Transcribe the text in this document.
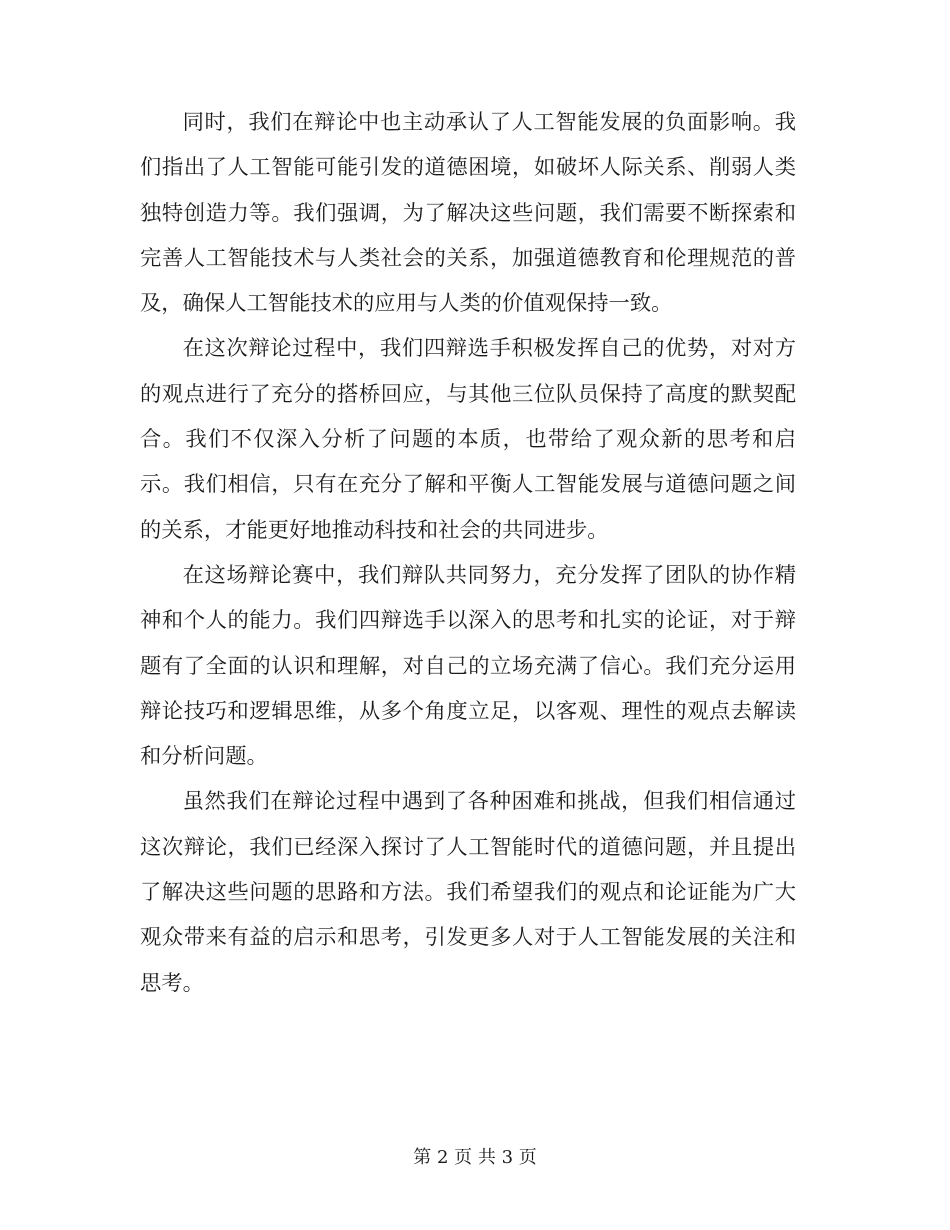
同时，我们在辩论中也主动承认了人工智能发展的负面影响。我们指出了人工智能可能引发的道德困境，如破坏人际关系、削弱人类独特创造力等。我们强调，为了解决这些问题，我们需要不断探索和完善人工智能技术与人类社会的关系，加强道德教育和伦理规范的普及，确保人工智能技术的应用与人类的价值观保持一致。

在这次辩论过程中，我们四辩选手积极发挥自己的优势，对对方的观点进行了充分的搭桥回应，与其他三位队员保持了高度的默契配合。我们不仅深入分析了问题的本质，也带给了观众新的思考和启示。我们相信，只有在充分了解和平衡人工智能发展与道德问题之间的关系，才能更好地推动科技和社会的共同进步。

在这场辩论赛中，我们辩队共同努力，充分发挥了团队的协作精神和个人的能力。我们四辩选手以深入的思考和扎实的论证，对于辩题有了全面的认识和理解，对自己的立场充满了信心。我们充分运用辩论技巧和逻辑思维，从多个角度立足，以客观、理性的观点去解读和分析问题。

虽然我们在辩论过程中遇到了各种困难和挑战，但我们相信通过这次辩论，我们已经深入探讨了人工智能时代的道德问题，并且提出了解决这些问题的思路和方法。我们希望我们的观点和论证能为广大观众带来有益的启示和思考，引发更多人对于人工智能发展的关注和思考。

第 2 页 共 3 页
